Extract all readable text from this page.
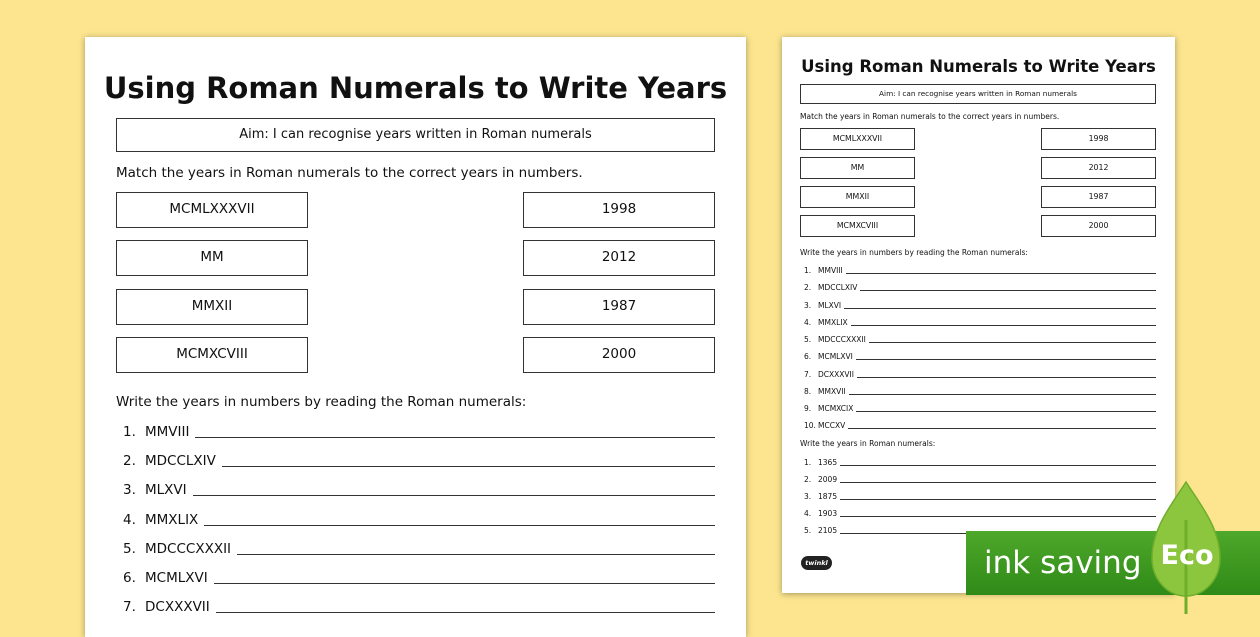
Using Roman Numerals to Write Years
Aim: I can recognise years written in Roman numerals
Match the years in Roman numerals to the correct years in numbers.
MCMLXXXVII
MM
MMXII
MCMXCVIII
1998
2012
1987
2000
Write the years in numbers by reading the Roman numerals:
1. MMVIII
2. MDCCLXIV
3. MLXVI
4. MMXLIX
5. MDCCCXXXII
6. MCMLXVI
7. DCXXXVII
Using Roman Numerals to Write Years
Aim: I can recognise years written in Roman numerals
Match the years in Roman numerals to the correct years in numbers.
MCMLXXXVII
MM
MMXII
MCMXCVIII
1998
2012
1987
2000
Write the years in numbers by reading the Roman numerals:
1. MMVIII
2. MDCCLXIV
3. MLXVI
4. MMXLIX
5. MDCCCXXXII
6. MCMLXVI
7. DCXXXVII
8. MMXVII
9. MCMXCIX
10. MCCXV
Write the years in Roman numerals:
1. 1365
2. 2009
3. 1875
4. 1903
5. 2105
twinkl	ink saving Eco
